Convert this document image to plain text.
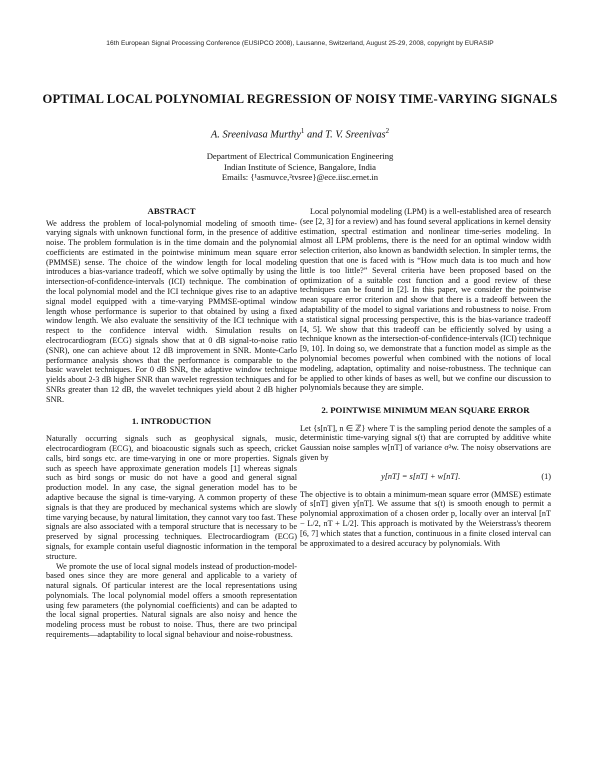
16th European Signal Processing Conference (EUSIPCO 2008), Lausanne, Switzerland, August 25-29, 2008, copyright by EURASIP
OPTIMAL LOCAL POLYNOMIAL REGRESSION OF NOISY TIME-VARYING SIGNALS
A. Sreenivasa Murthy$^1$ and T. V. Sreenivas$^2$
Department of Electrical Communication Engineering
Indian Institute of Science, Bangalore, India
Emails: {¹asmuvce,²tvsree}@ece.iisc.ernet.in

ABSTRACT

We address the problem of local-polynomial modeling of smooth time-varying signals with unknown functional form, in the presence of additive noise. The problem formulation is in the time domain and the polynomial coefficients are estimated in the pointwise minimum mean square error (PMMSE) sense. The choice of the window length for local modeling introduces a bias-variance tradeoff, which we solve optimally by using the intersection-of-confidence-intervals (ICI) technique. The combination of the local polynomial model and the ICI technique gives rise to an adaptive signal model equipped with a time-varying PMMSE-optimal window length whose performance is superior to that obtained by using a fixed window length. We also evaluate the sensitivity of the ICI technique with respect to the confidence interval width. Simulation results on electrocardiogram (ECG) signals show that at 0 dB signal-to-noise ratio (SNR), one can achieve about 12 dB improvement in SNR. Monte-Carlo performance analysis shows that the performance is comparable to the basic wavelet techniques. For 0 dB SNR, the adaptive window technique yields about 2-3 dB higher SNR than wavelet regression techniques and for SNRs greater than 12 dB, the wavelet techniques yield about 2 dB higher SNR.

1. INTRODUCTION

Naturally occurring signals such as geophysical signals, music, electrocardiogram (ECG), and bioacoustic signals such as speech, cricket calls, bird songs etc. are time-varying in one or more properties. Signals such as speech have approximate generation models [1] whereas signals such as bird songs or music do not have a good and general signal production model. In any case, the signal generation model has to be adaptive because the signal is time-varying. A common property of these signals is that they are produced by mechanical systems which are slowly time varying because, by natural limitation, they cannot vary too fast. These signals are also associated with a temporal structure that is necessary to be preserved by signal processing techniques. Electrocardiogram (ECG) signals, for example contain useful diagnostic information in the temporal structure.

We promote the use of local signal models instead of production-model-based ones since they are more general and applicable to a variety of natural signals. Of particular interest are the local representations using polynomials. The local polynomial model offers a smooth representation using few parameters (the polynomial coefficients) and can be adapted to the local signal properties. Natural signals are also noisy and hence the modeling process must be robust to noise. Thus, there are two principal requirements—adaptability to local signal behaviour and noise-robustness.

Local polynomial modeling (LPM) is a well-established area of research (see [2, 3] for a review) and has found several applications in kernel density estimation, spectral estimation and nonlinear time-series modeling. In almost all LPM problems, there is the need for an optimal window width selection criterion, also known as bandwidth selection. In simpler terms, the question that one is faced with is “How much data is too much and how little is too little?” Several criteria have been proposed based on the optimization of a suitable cost function and a good review of these techniques can be found in [2]. In this paper, we consider the pointwise mean square error criterion and show that there is a tradeoff between the adaptability of the model to signal variations and robustness to noise. From a statistical signal processing perspective, this is the bias-variance tradeoff [4, 5]. We show that this tradeoff can be efficiently solved by using a technique known as the intersection-of-confidence-intervals (ICI) technique [9, 10]. In doing so, we demonstrate that a function model as simple as the polynomial becomes powerful when combined with the notions of local modeling, adaptation, optimality and noise-robustness. The technique can be applied to other kinds of bases as well, but we confine our discussion to polynomials because they are simple.

2. POINTWISE MINIMUM MEAN SQUARE ERROR

Let {s[nT], n ∈ ℤ} where T is the sampling period denote the samples of a deterministic time-varying signal s(t) that are corrupted by additive white Gaussian noise samples w[nT] of variance σ²w. The noisy observations are given by

y[nT] = s[nT] + w[nT].	(1)

The objective is to obtain a minimum-mean square error (MMSE) estimate of s[nT] given y[nT]. We assume that s(t) is smooth enough to permit a polynomial approximation of a chosen order p, locally over an interval [nT − L/2, nT + L/2]. This approach is motivated by the Weierstrass's theorem [6, 7] which states that a function, continuous in a finite closed interval can be approximated to a desired accuracy by polynomials. With
